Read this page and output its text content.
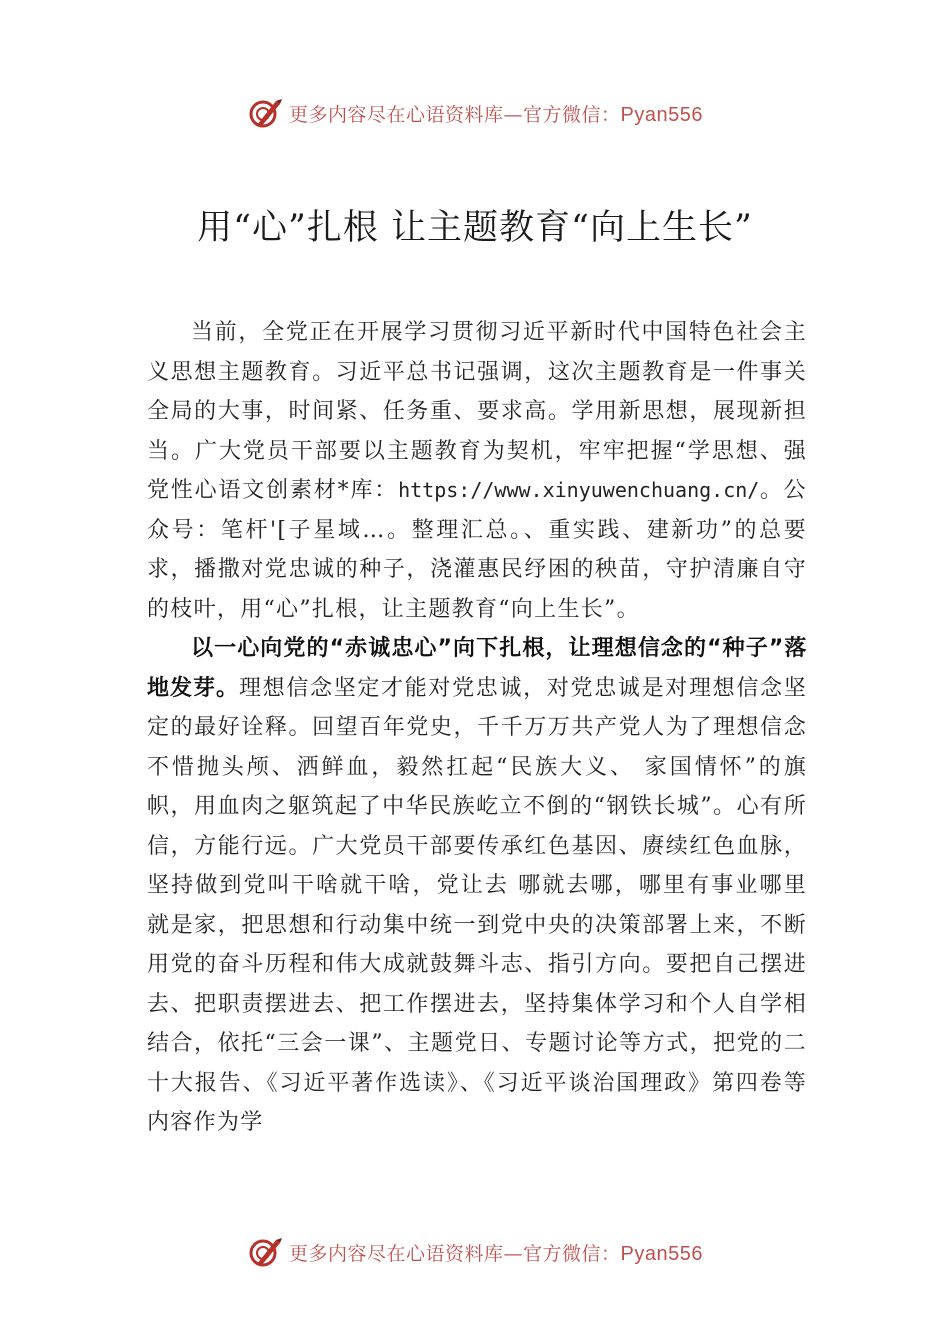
更多内容尽在心语资料库—官方微信：Pyan556
用“心”扎根 让主题教育“向上生长”

当前，全党正在开展学习贯彻习近平新时代中国特色社会主义思想主题教育。习近平总书记强调，这次主题教育是一件事关全局的大事，时间紧、任务重、要求高。学用新思想，展现新担当。广大党员干部要以主题教育为契机，牢牢把握“学思想、强党性心语文创素材*库：https://www.xinyuwenchuang.cn/。公众号：笔杆'[子星域…。整理汇总。、重实践、建新功”的总要求，播撒对党忠诚的种子，浇灌惠民纾困的秧苗，守护清廉自守的枝叶，用“心”扎根，让主题教育“向上生长”。

以一心向党的“赤诚忠心”向下扎根，让理想信念的“种子”落地发芽。理想信念坚定才能对党忠诚，对党忠诚是对理想信念坚定的最好诠释。回望百年党史，千千万万共产党人为了理想信念不惜抛头颅、洒鲜血，毅然扛起“民族大义、 家国情怀”的旗帜，用血肉之躯筑起了中华民族屹立不倒的“钢铁长城”。心有所信，方能行远。广大党员干部要传承红色基因、赓续红色血脉，坚持做到党叫干啥就干啥，党让去 哪就去哪，哪里有事业哪里就是家，把思想和行动集中统一到党中央的决策部署上来，不断用党的奋斗历程和伟大成就鼓舞斗志、指引方向。要把自己摆进去、把职责摆进去、把工作摆进去，坚持集体学习和个人自学相结合，依托“三会一课”、主题党日、专题讨论等方式，把党的二十大报告、《习近平著作选读》、《习近平谈治国理政》第四卷等内容作为学

更多内容尽在心语资料库—官方微信：Pyan556
